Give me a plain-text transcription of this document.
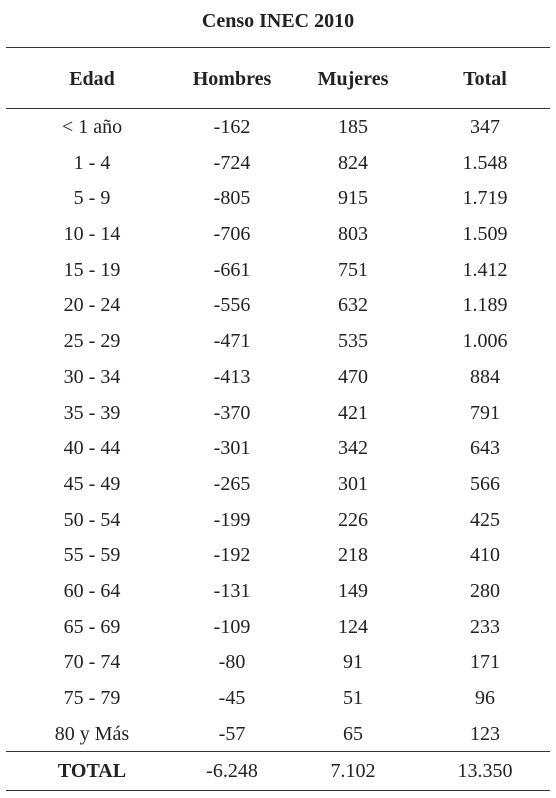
Censo INEC 2010
Edad	Hombres	Mujeres	Total
< 1 año	-162	185	347
1 - 4	-724	824	1.548
5 - 9	-805	915	1.719
10 - 14	-706	803	1.509
15 - 19	-661	751	1.412
20 - 24	-556	632	1.189
25 - 29	-471	535	1.006
30 - 34	-413	470	884
35 - 39	-370	421	791
40 - 44	-301	342	643
45 - 49	-265	301	566
50 - 54	-199	226	425
55 - 59	-192	218	410
60 - 64	-131	149	280
65 - 69	-109	124	233
70 - 74	-80	91	171
75 - 79	-45	51	96
80 y Más	-57	65	123
TOTAL	-6.248	7.102	13.350
